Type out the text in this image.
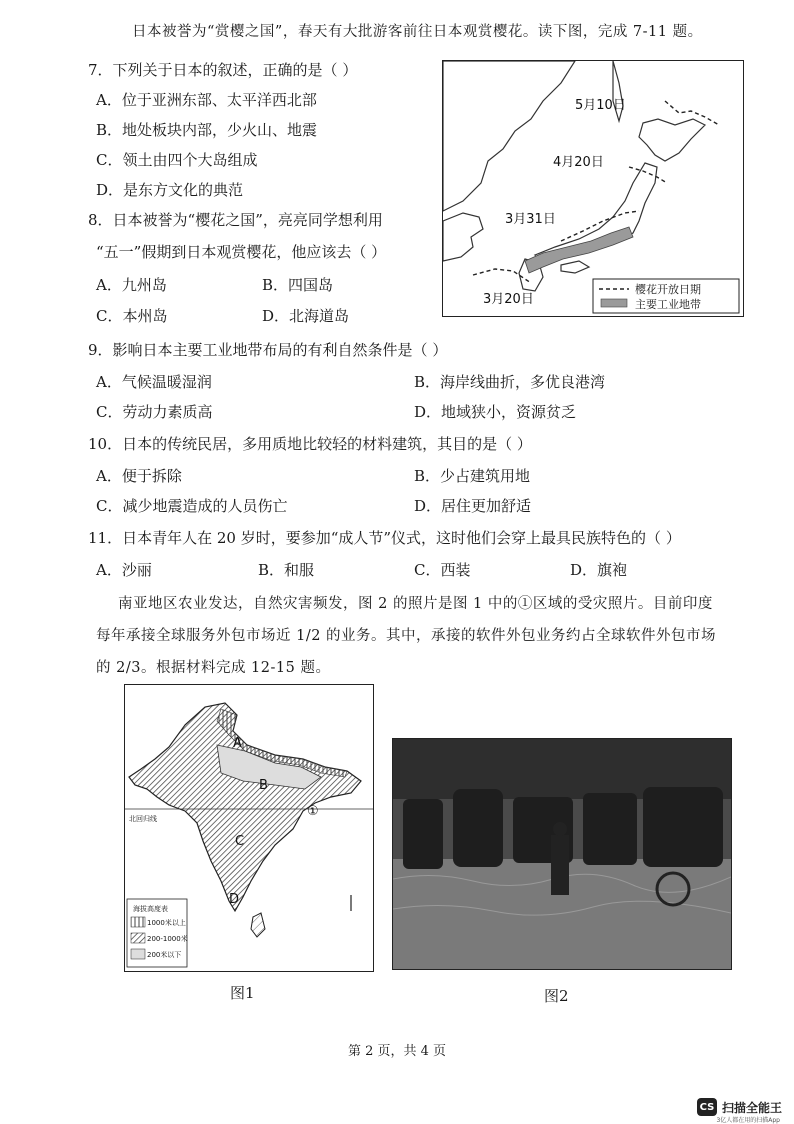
日本被誉为“赏樱之国”，春天有大批游客前往日本观赏樱花。读下图，完成 7-11 题。
7．下列关于日本的叙述，正确的是（ ）
A．位于亚洲东部、太平洋西北部
B．地处板块内部，少火山、地震
C．领土由四个大岛组成
D．是东方文化的典范
8．日本被誉为“樱花之国”，亮亮同学想利用
“五一”假期到日本观赏樱花，他应该去（ ）
A．九州岛	B．四国岛
C．本州岛	D．北海道岛
5月10日
4月20日
3月31日
3月20日
樱花开放日期
主要工业地带
9．影响日本主要工业地带布局的有利自然条件是（ ）
A．气候温暖湿润	B．海岸线曲折，多优良港湾
C．劳动力素质高	D．地域狭小，资源贫乏
10．日本的传统民居，多用质地比较轻的材料建筑，其目的是（ ）
A．便于拆除	B．少占建筑用地
C．减少地震造成的人员伤亡	D．居住更加舒适
11．日本青年人在 20 岁时，要参加“成人节”仪式，这时他们会穿上最具民族特色的（ ）
A．沙丽	B．和服	C．西装	D．旗袍
南亚地区农业发达，自然灾害频发，图 2 的照片是图 1 中的①区域的受灾照片。目前印度
每年承接全球服务外包市场近 1/2 的业务。其中，承接的软件外包业务约占全球软件外包市场
的 2/3。根据材料完成 12-15 题。
A
B
C
D
①
北回归线
海拔高度表
1000米以上
200-1000米
200米以下
图1	图2
第 2 页，共 4 页
CS 扫描全能王
3亿人都在用的扫描App
